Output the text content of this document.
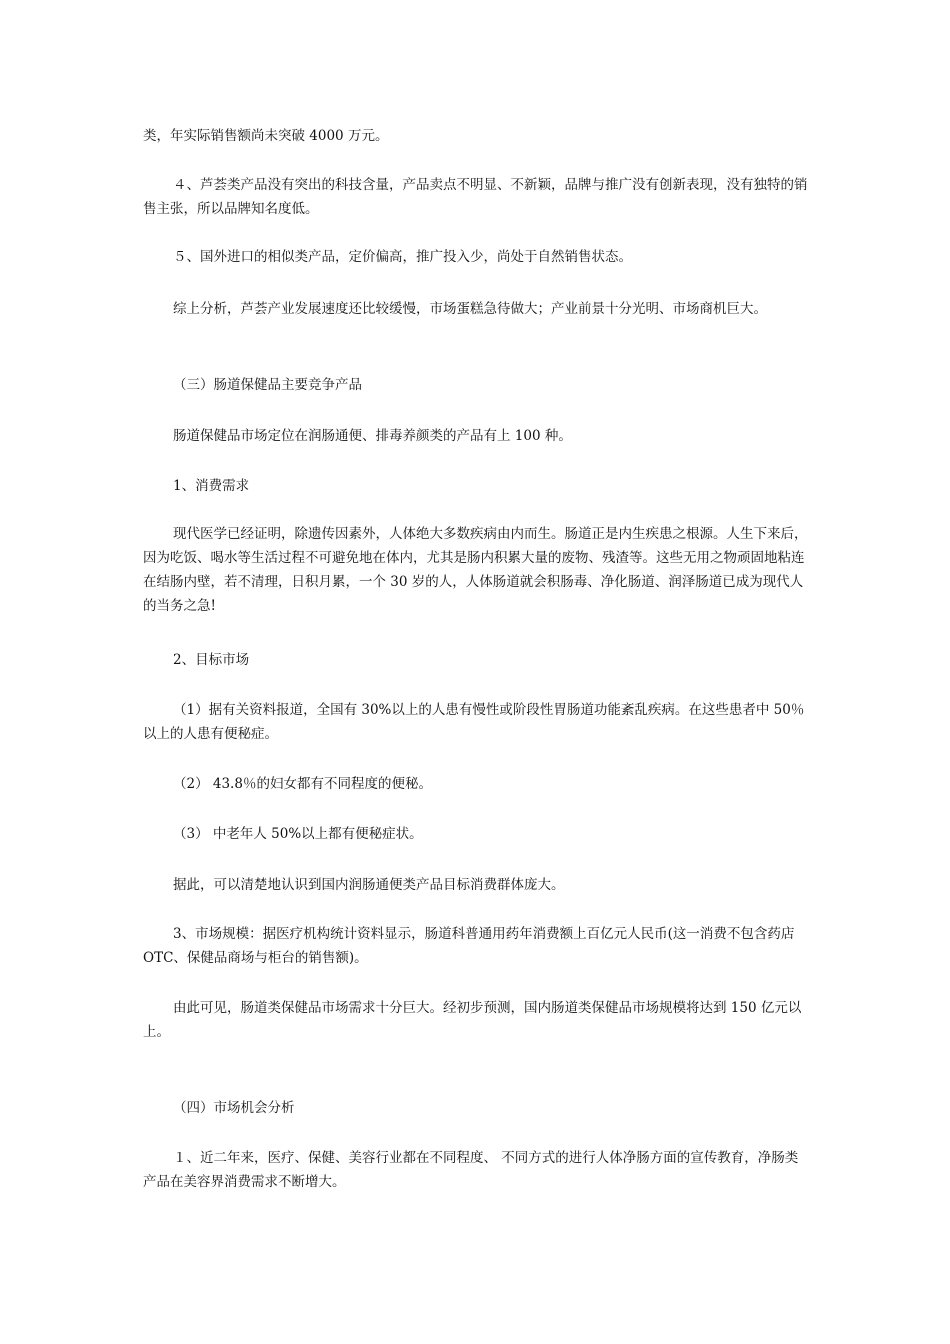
类，年实际销售额尚未突破 4000 万元。

４、芦荟类产品没有突出的科技含量，产品卖点不明显、不新颖，品牌与推广没有创新表现，没有独特的销售主张，所以品牌知名度低。

５、国外进口的相似类产品，定价偏高，推广投入少，尚处于自然销售状态。

综上分析，芦荟产业发展速度还比较缓慢，市场蛋糕急待做大；产业前景十分光明、市场商机巨大。

（三）肠道保健品主要竞争产品

肠道保健品市场定位在润肠通便、排毒养颜类的产品有上 100 种。

1、消费需求

现代医学已经证明，除遗传因素外，人体绝大多数疾病由内而生。肠道正是内生疾患之根源。人生下来后，因为吃饭、喝水等生活过程不可避免地在体内，尤其是肠内积累大量的废物、残渣等。这些无用之物顽固地粘连在结肠内壁，若不清理，日积月累，一个 30 岁的人，人体肠道就会积肠毒、净化肠道、润泽肠道已成为现代人的当务之急!

2、目标市场

（1）据有关资料报道，全国有 30%以上的人患有慢性或阶段性胃肠道功能紊乱疾病。在这些患者中 50％以上的人患有便秘症。

（2） 43.8％的妇女都有不同程度的便秘。

（3） 中老年人 50%以上都有便秘症状。

据此，可以清楚地认识到国内润肠通便类产品目标消费群体庞大。

3、市场规模：据医疗机构统计资料显示，肠道科普通用药年消费额上百亿元人民币(这一消费不包含药店 OTC、保健品商场与柜台的销售额)。

由此可见，肠道类保健品市场需求十分巨大。经初步预测，国内肠道类保健品市场规模将达到 150 亿元以上。

（四）市场机会分析

１、近二年来，医疗、保健、美容行业都在不同程度、 不同方式的进行人体净肠方面的宣传教育，净肠类产品在美容界消费需求不断增大。
